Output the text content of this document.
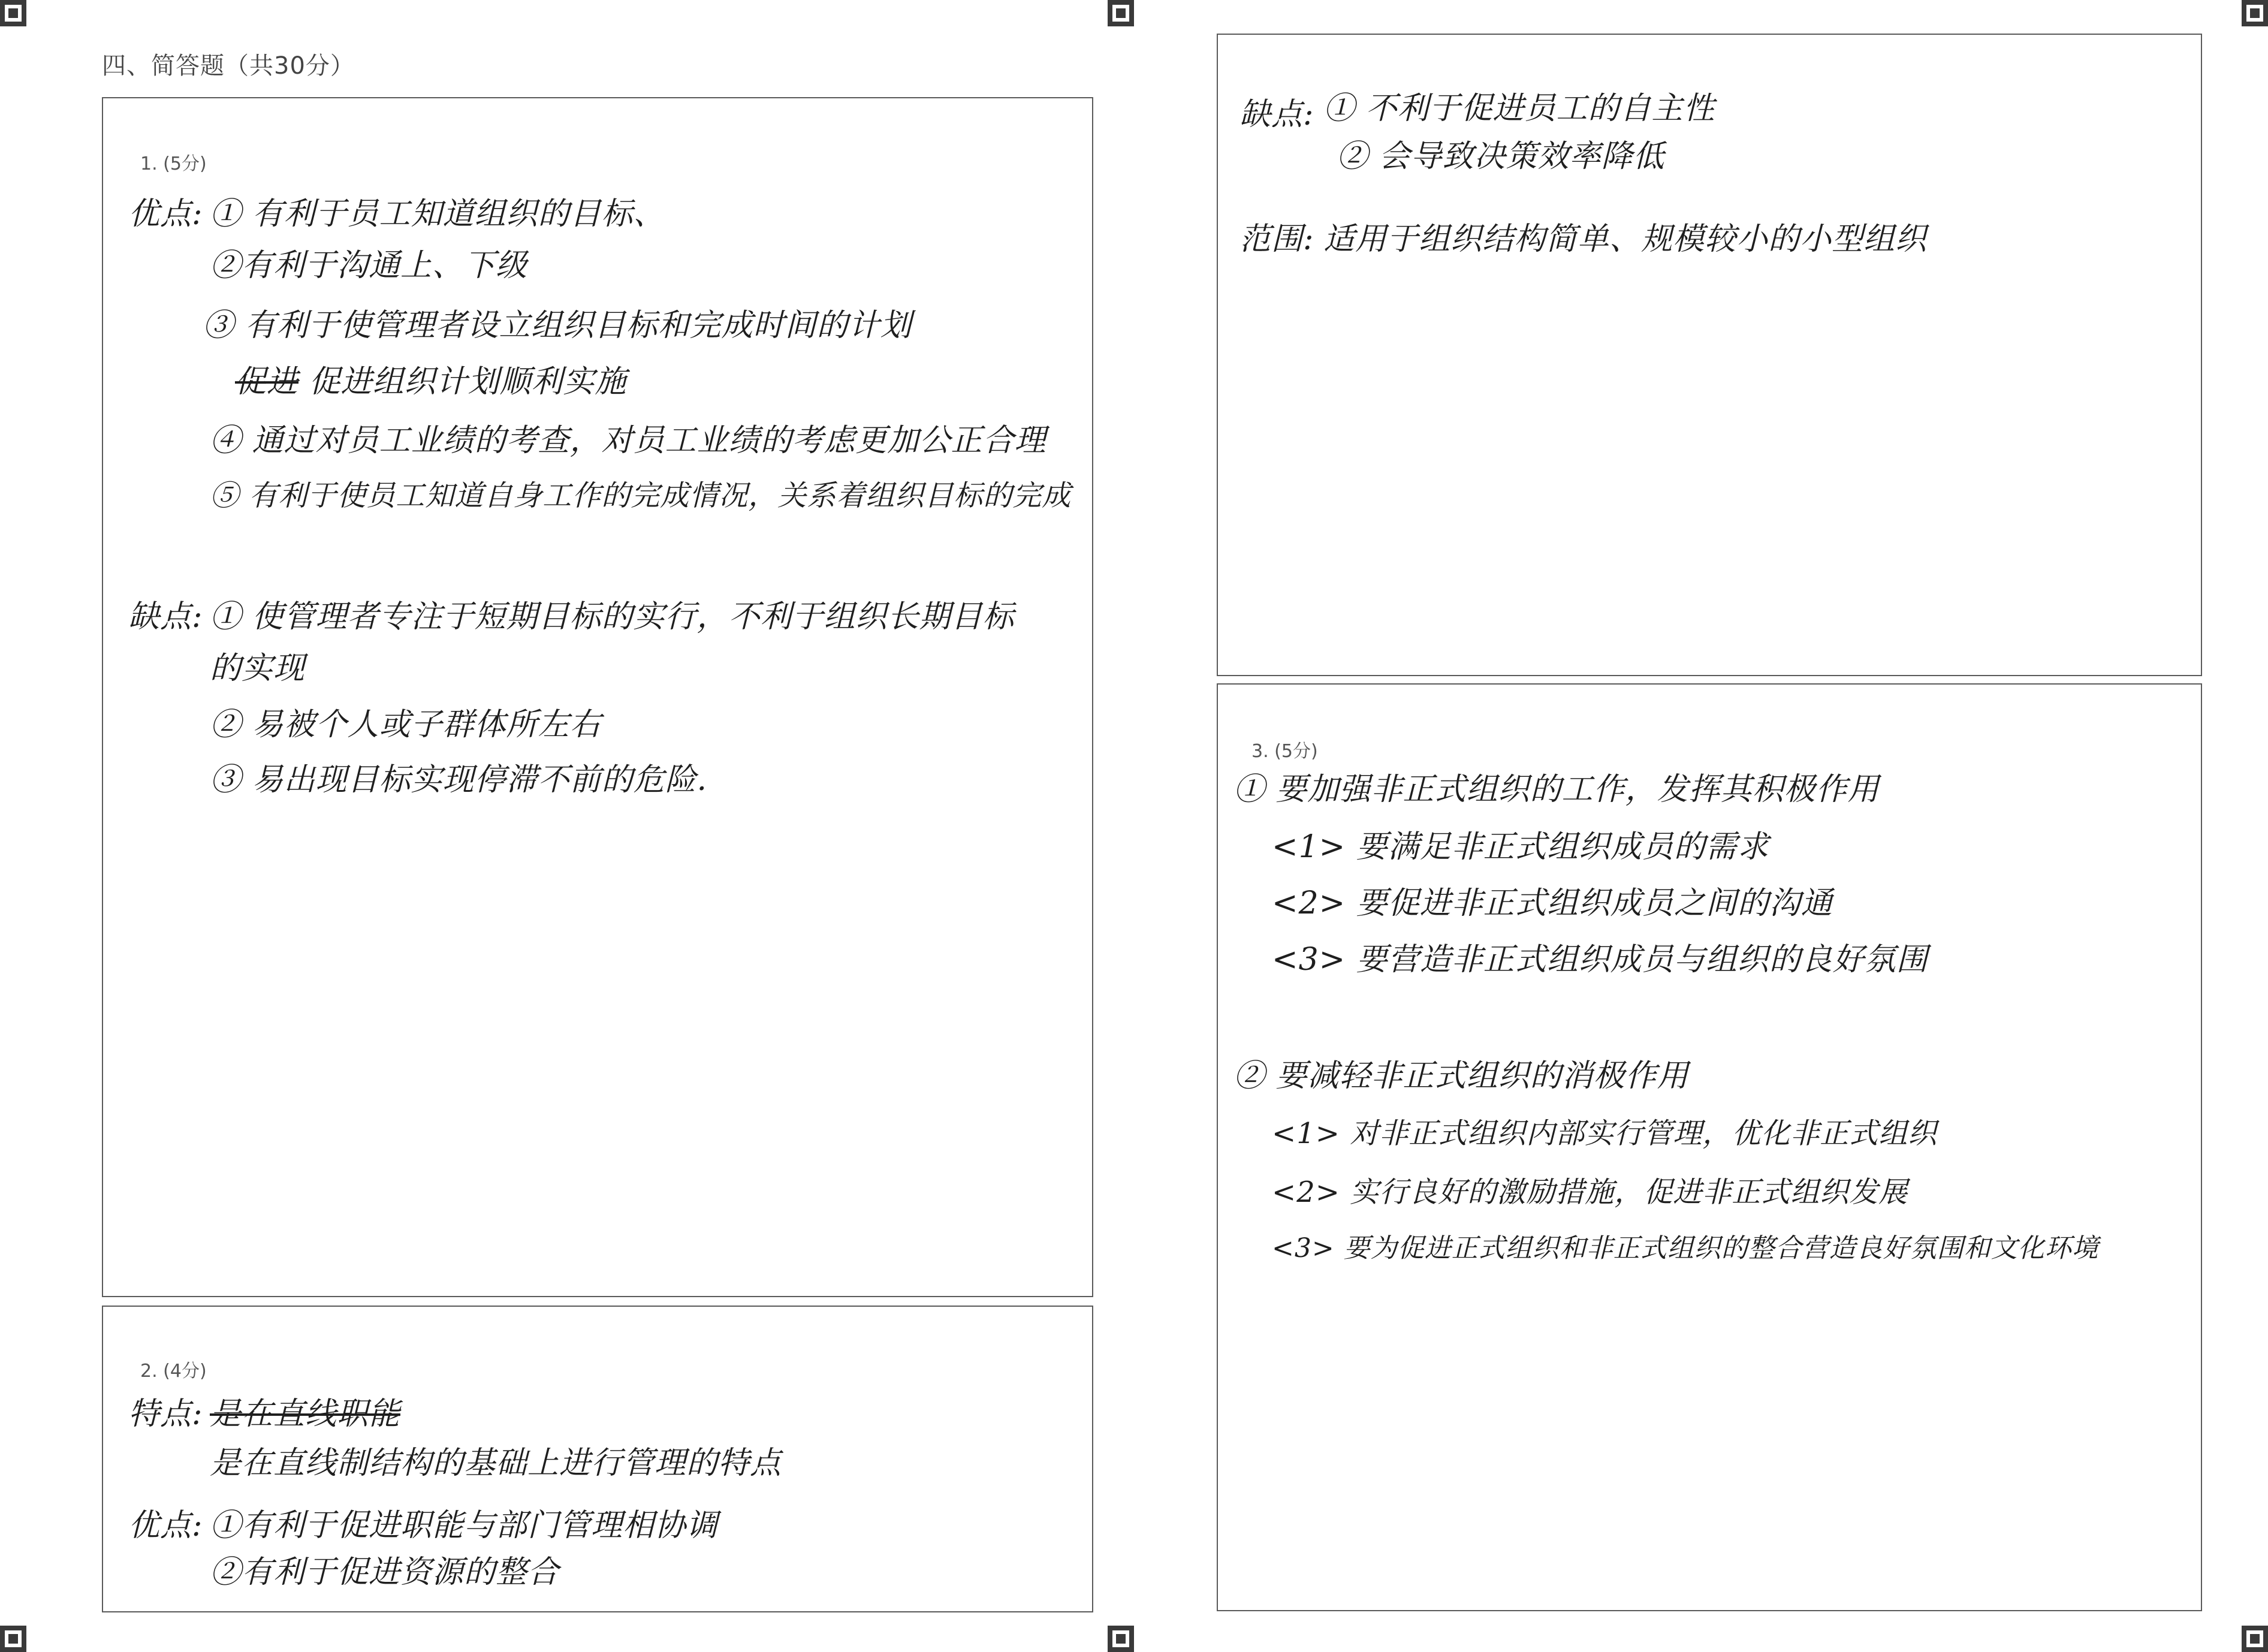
四、简答题（共30分）
1. (5分)
优点: ① 有利于员工知道组织的目标、
②有利于沟通上、下级
③ 有利于使管理者设立组织目标和完成时间的计划
促进 促进组织计划顺利实施
④ 通过对员工业绩的考查，对员工业绩的考虑更加公正合理
⑤ 有利于使员工知道自身工作的完成情况，关系着组织目标的完成
缺点: ① 使管理者专注于短期目标的实行，不利于组织长期目标的实现
② 易被个人或子群体所左右
③ 易出现目标实现停滞不前的危险.
2. (4分)
特点: 是在直线职能
是在直线制结构的基础上进行管理的特点
优点: ①有利于促进职能与部门管理相协调
②有利于促进资源的整合
缺点: ① 不利于促进员工的自主性
② 会导致决策效率降低
范围: 适用于组织结构简单、规模较小的小型组织
3. (5分)
① 要加强非正式组织的工作，发挥其积极作用
<1> 要满足非正式组织成员的需求
<2> 要促进非正式组织成员之间的沟通
<3> 要营造非正式组织成员与组织的良好氛围
② 要减轻非正式组织的消极作用
<1> 对非正式组织内部实行管理，优化非正式组织
<2> 实行良好的激励措施，促进非正式组织发展
<3> 要为促进正式组织和非正式组织的整合营造良好氛围和文化环境
